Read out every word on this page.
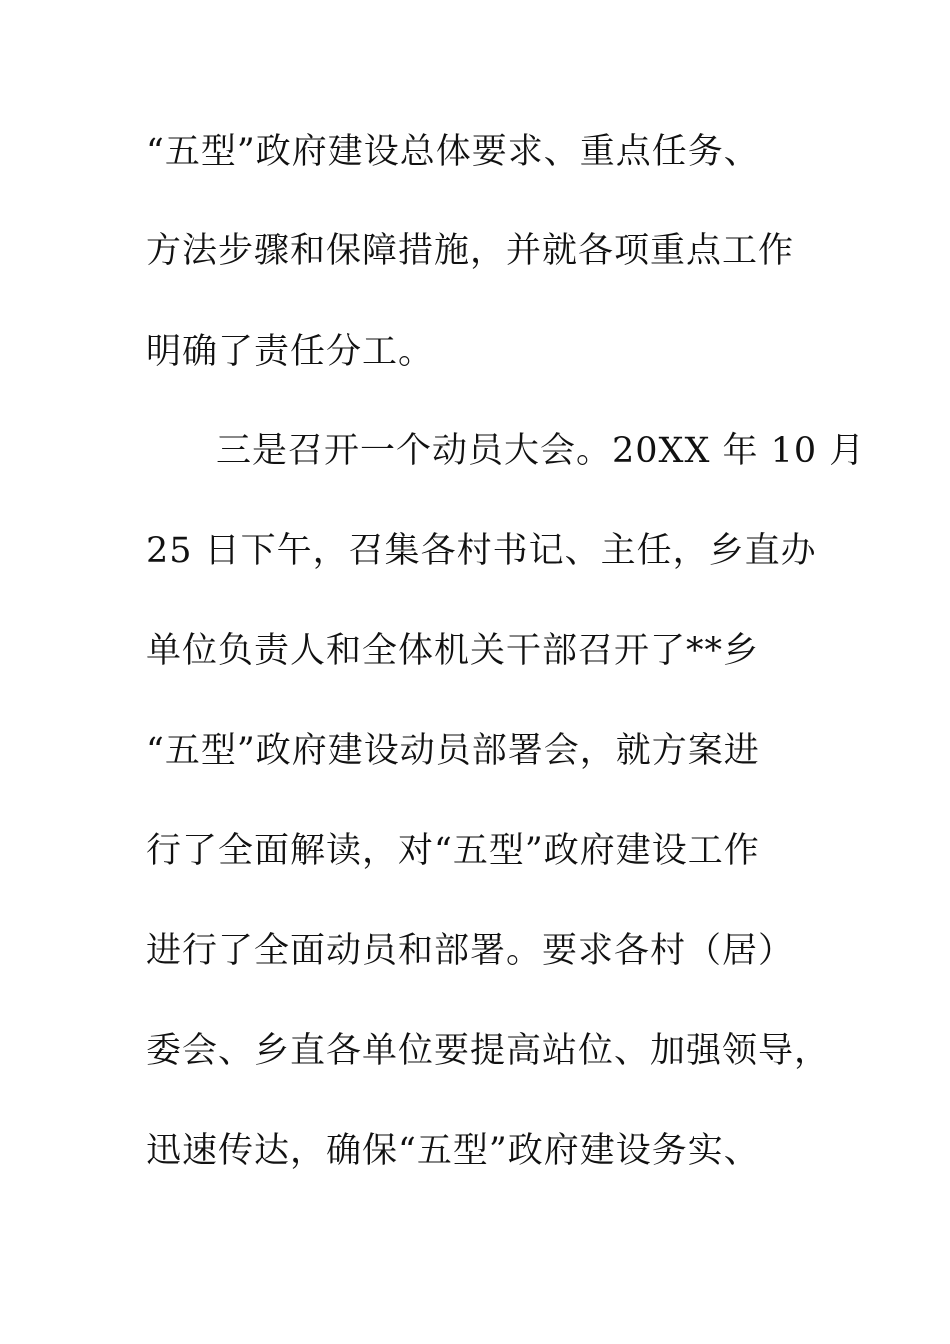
“五型”政府建设总体要求、重点任务、
方法步骤和保障措施，并就各项重点工作
明确了责任分工。
三是召开一个动员大会。20XX 年 10 月
25 日下午，召集各村书记、主任，乡直办
单位负责人和全体机关干部召开了**乡
“五型”政府建设动员部署会，就方案进
行了全面解读，对“五型”政府建设工作
进行了全面动员和部署。要求各村（居）
委会、乡直各单位要提高站位、加强领导，
迅速传达，确保“五型”政府建设务实、
